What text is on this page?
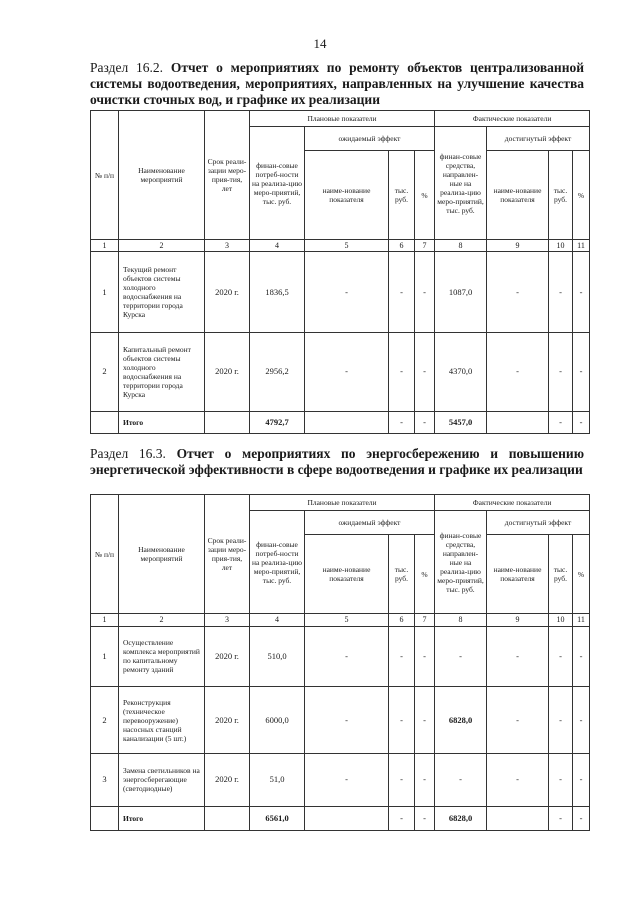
14
Раздел 16.2. Отчет о мероприятиях по ремонту объектов централизованной системы водоотведения, мероприятиях, направленных на улучшение качества очистки сточных вод, и графике их реализации
№ п/п	Наименование мероприятий	Срок реали-зации меро-прия-тия, лет	Плановые показатели				Фактические показатели			
			финан-совые потреб-ности на реализа-цию меро-приятий, тыс. руб.	ожидаемый эффект			финан-совые средства, направлен-ные на реализа-цию меро-приятий, тыс. руб.	достигнутый эффект		
				наиме-нование показателя	тыс. руб.	%		наиме-нование показателя	тыс. руб.	%
1	2	3	4	5	6	7	8	9	10	11
1	Текущий ремонт объектов системы холодного водоснабжения на территории города Курска	2020 г.	1836,5	-	-	-	1087,0	-	-	-
2	Капитальный ремонт объектов системы холодного водоснабжения на территории города Курска	2020 г.	2956,2	-	-	-	4370,0	-	-	-
	Итого		4792,7		-	-	5457,0		-	-
Раздел 16.3. Отчет о мероприятиях по энергосбережению и повышению энергетической эффективности в сфере водоотведения и графике их реализации
№ п/п	Наименование мероприятий	Срок реали-зации меро-прия-тия, лет	Плановые показатели				Фактические показатели			
			финан-совые потреб-ности на реализа-цию меро-приятий, тыс. руб.	ожидаемый эффект			финан-совые средства, направлен-ные на реализа-цию меро-приятий, тыс. руб.	достигнутый эффект		
				наиме-нование показателя	тыс. руб.	%		наиме-нование показателя	тыс. руб.	%
1	2	3	4	5	6	7	8	9	10	11
1	Осуществление комплекса мероприятий по капитальному ремонту зданий	2020 г.	510,0	-	-	-	-	-	-	-
2	Реконструкция (техническое перевооружение) насосных станций канализации (5 шт.)	2020 г.	6000,0	-	-	-	6828,0	-	-	-
3	Замена светильников на энергосберегающие (светодиодные)	2020 г.	51,0	-	-	-	-	-	-	-
	Итого		6561,0		-	-	6828,0		-	-
